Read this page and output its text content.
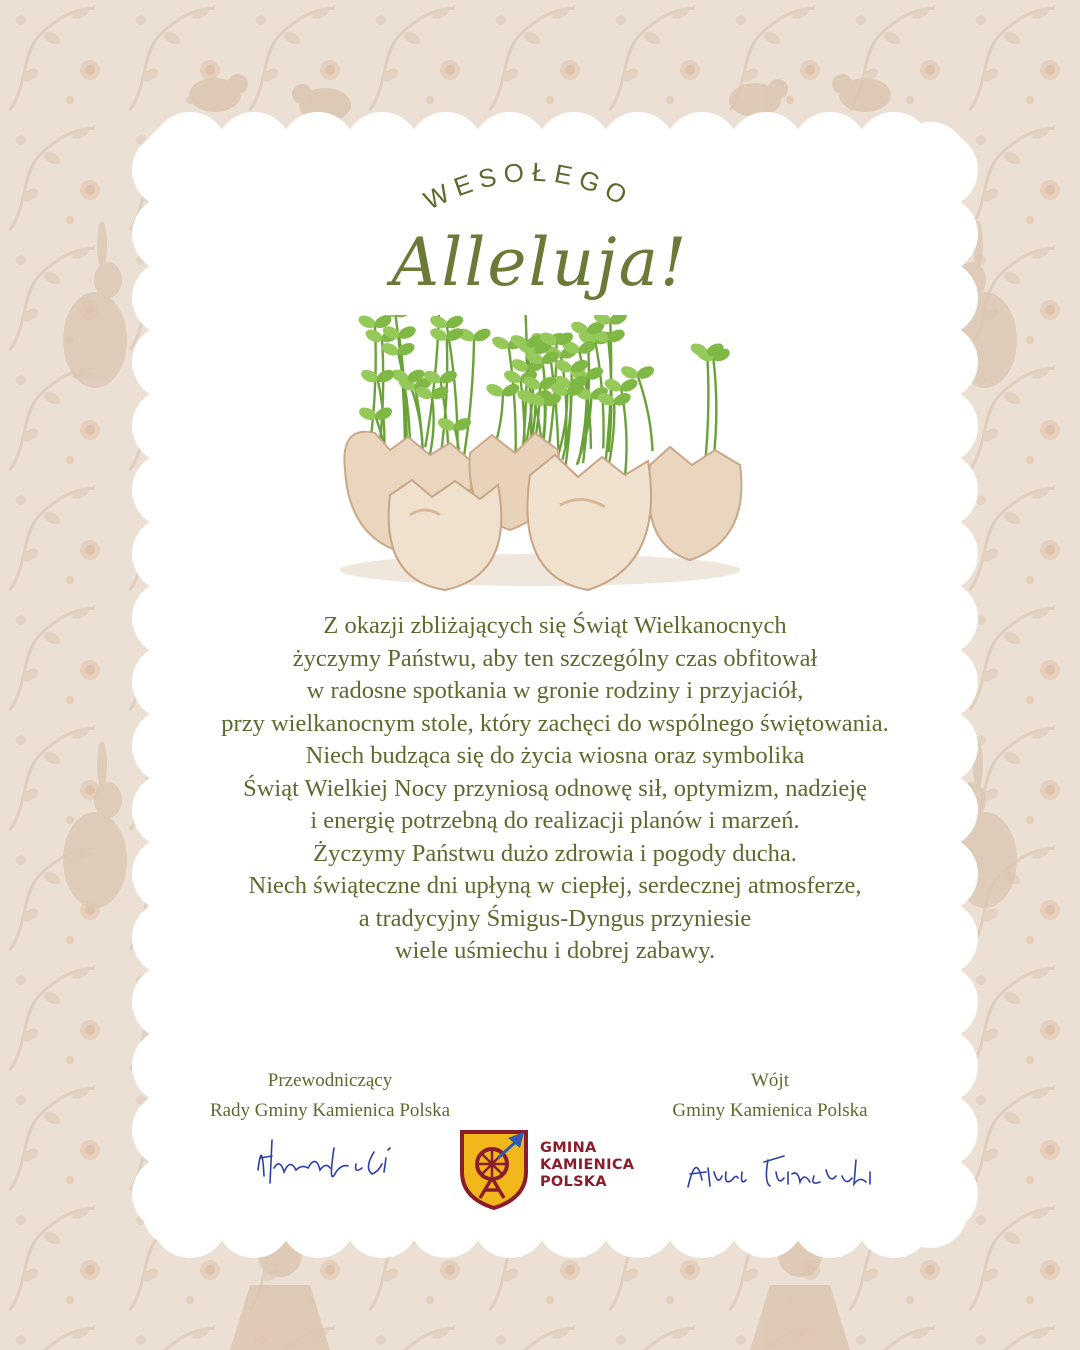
WESOŁEGO
Alleluja!
Z okazji zbliżających się Świąt Wielkanocnych
życzymy Państwu, aby ten szczególny czas obfitował
w radosne spotkania w gronie rodziny i przyjaciół,
przy wielkanocnym stole, który zachęci do wspólnego świętowania.
Niech budząca się do życia wiosna oraz symbolika
Świąt Wielkiej Nocy przyniosą odnowę sił, optymizm, nadzieję
i energię potrzebną do realizacji planów i marzeń.
Życzymy Państwu dużo zdrowia i pogody ducha.
Niech świąteczne dni upłyną w ciepłej, serdecznej atmosferze,
a tradycyjny Śmigus-Dyngus przyniesie
wiele uśmiechu i dobrej zabawy.
Przewodniczący
Rady Gminy Kamienica Polska
Wójt
Gminy Kamienica Polska
GMINA
KAMIENICA
POLSKA
